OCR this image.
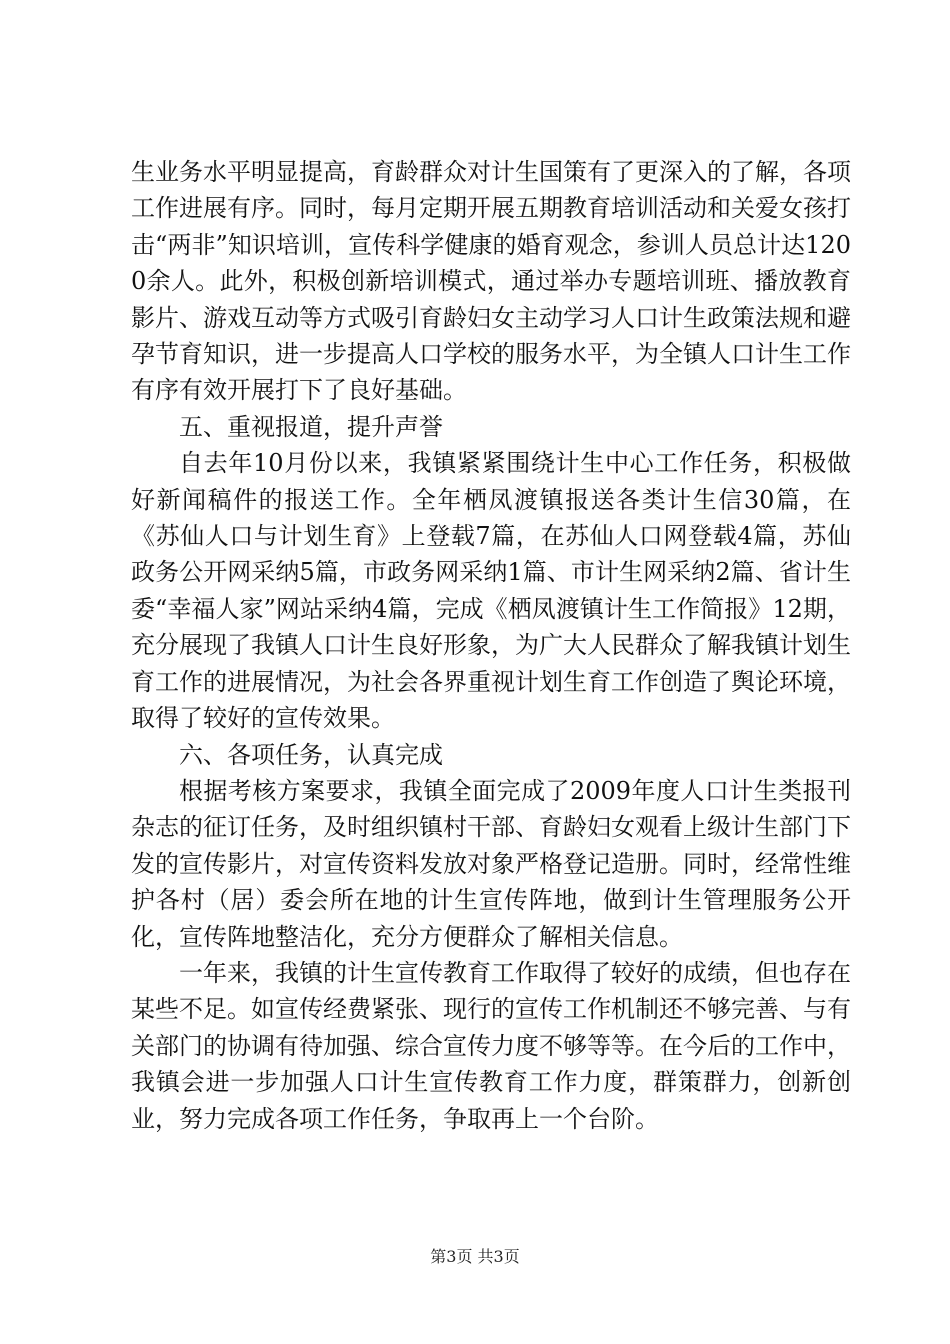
生业务水平明显提高，育龄群众对计生国策有了更深入的了解，各项工作进展有序。同时，每月定期开展五期教育培训活动和关爱女孩打击“两非”知识培训，宣传科学健康的婚育观念，参训人员总计达1200余人。此外，积极创新培训模式，通过举办专题培训班、播放教育影片、游戏互动等方式吸引育龄妇女主动学习人口计生政策法规和避孕节育知识，进一步提高人口学校的服务水平，为全镇人口计生工作有序有效开展打下了良好基础。

五、重视报道，提升声誉

自去年10月份以来，我镇紧紧围绕计生中心工作任务，积极做好新闻稿件的报送工作。全年栖凤渡镇报送各类计生信30篇，在《苏仙人口与计划生育》上登载7篇，在苏仙人口网登载4篇，苏仙政务公开网采纳5篇，市政务网采纳1篇、市计生网采纳2篇、省计生委“幸福人家”网站采纳4篇，完成《栖凤渡镇计生工作简报》12期，充分展现了我镇人口计生良好形象，为广大人民群众了解我镇计划生育工作的进展情况，为社会各界重视计划生育工作创造了舆论环境，取得了较好的宣传效果。

六、各项任务，认真完成

根据考核方案要求，我镇全面完成了2009年度人口计生类报刊杂志的征订任务，及时组织镇村干部、育龄妇女观看上级计生部门下发的宣传影片，对宣传资料发放对象严格登记造册。同时，经常性维护各村（居）委会所在地的计生宣传阵地，做到计生管理服务公开化，宣传阵地整洁化，充分方便群众了解相关信息。

一年来，我镇的计生宣传教育工作取得了较好的成绩，但也存在某些不足。如宣传经费紧张、现行的宣传工作机制还不够完善、与有关部门的协调有待加强、综合宣传力度不够等等。在今后的工作中，我镇会进一步加强人口计生宣传教育工作力度，群策群力，创新创业，努力完成各项工作任务，争取再上一个台阶。

第3页 共3页
